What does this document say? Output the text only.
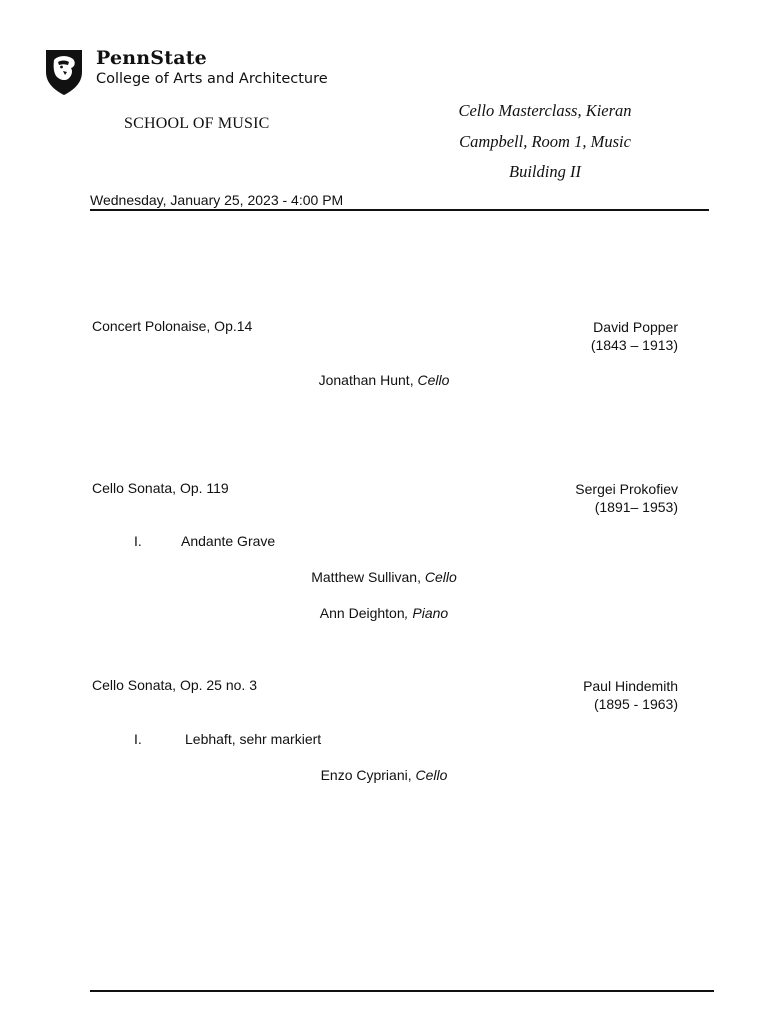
PennState
College of Arts and Architecture
SCHOOL OF MUSIC
Cello Masterclass, Kieran
Campbell, Room 1, Music
Building II
Wednesday, January 25, 2023 - 4:00 PM
Concert Polonaise, Op.14	David Popper
(1843 – 1913)
Jonathan Hunt, Cello
Cello Sonata, Op. 119	Sergei Prokofiev
(1891– 1953)
I.	Andante Grave
Matthew Sullivan, Cello
Ann Deighton, Piano
Cello Sonata, Op. 25 no. 3	Paul Hindemith
(1895 - 1963)
I.	Lebhaft, sehr markiert
Enzo Cypriani, Cello
